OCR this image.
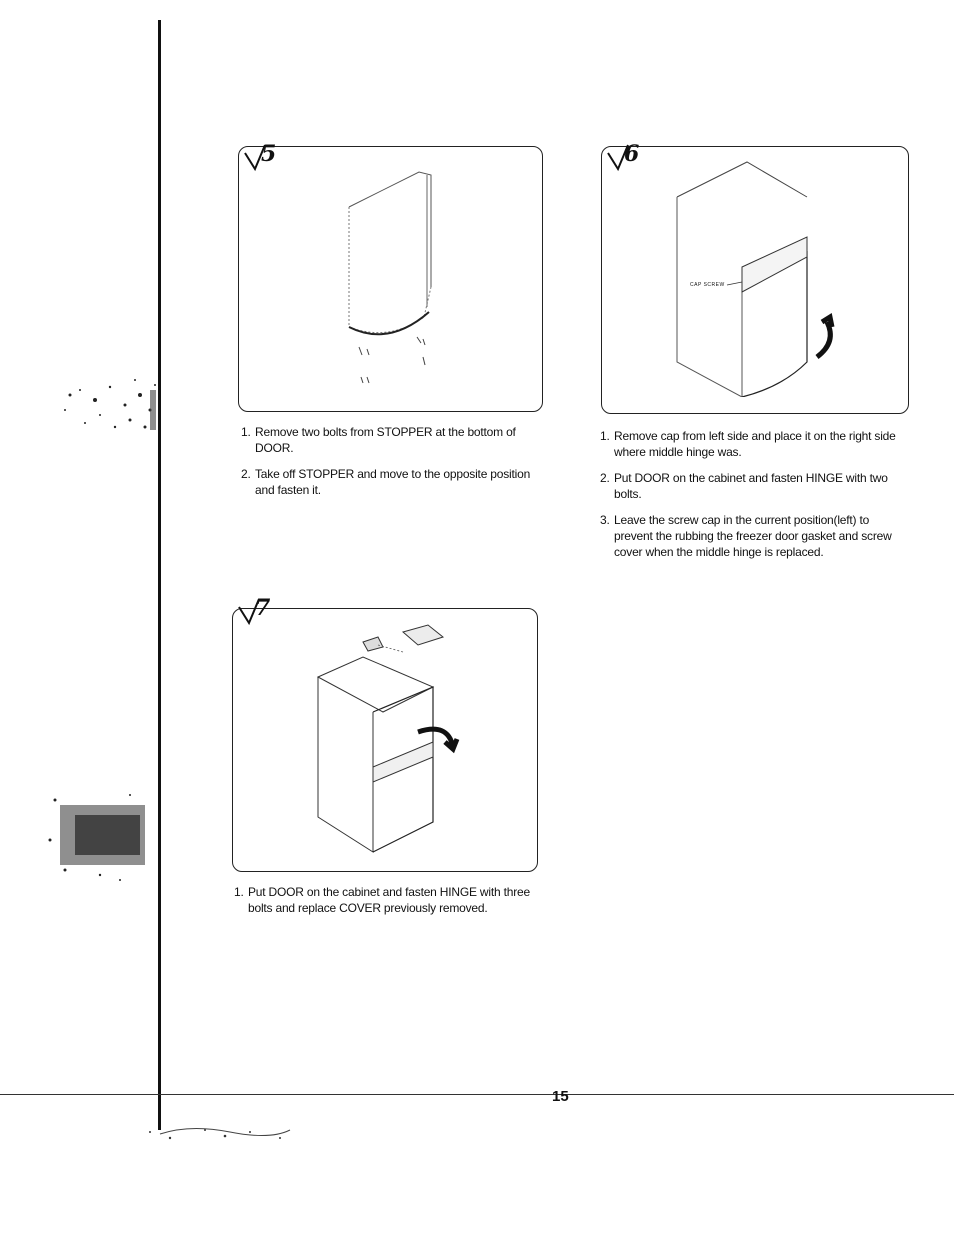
15
5
1. Remove two bolts from STOPPER at the bottom of DOOR.
2. Take off STOPPER and move to the opposite position and fasten it.
6
CAP SCREW
1. Remove cap from left side and place it on the right side where middle hinge was.
2. Put DOOR on the cabinet and fasten HINGE with two bolts.
3. Leave the screw cap in the current position(left) to prevent the rubbing the freezer door gasket and screw cover when the middle hinge is replaced.
7
1. Put DOOR on the cabinet and fasten HINGE with three bolts and replace COVER previously removed.
